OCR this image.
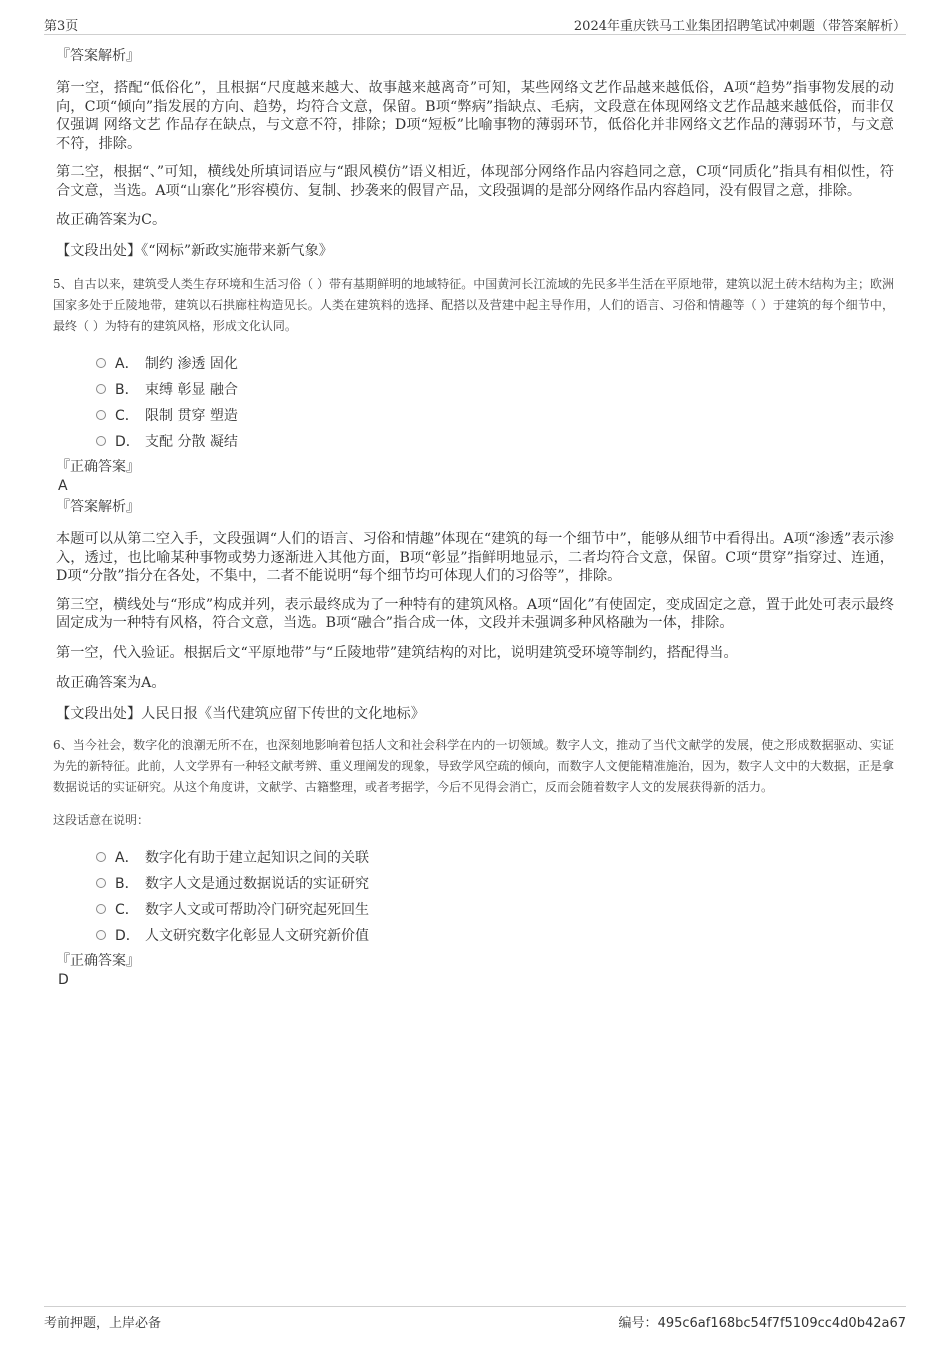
第3页	2024年重庆铁马工业集团招聘笔试冲刺题（带答案解析）

『答案解析』

第一空，搭配“低俗化”，且根据“尺度越来越大、故事越来越离奇”可知，某些网络文艺作品越来越低俗，A项“趋势”指事物发展的动向，C项“倾向”指发展的方向、趋势，均符合文意，保留。B项“弊病”指缺点、毛病，文段意在体现网络文艺作品越来越低俗，而非仅仅强调 网络文艺 作品存在缺点，与文意不符，排除；D项“短板”比喻事物的薄弱环节，低俗化并非网络文艺作品的薄弱环节，与文意不符，排除。

第二空，根据“、”可知，横线处所填词语应与“跟风模仿”语义相近，体现部分网络作品内容趋同之意，C项“同质化”指具有相似性，符合文意，当选。A项“山寨化”形容模仿、复制、抄袭来的假冒产品，文段强调的是部分网络作品内容趋同，没有假冒之意，排除。

故正确答案为C。

【文段出处】《“网标”新政实施带来新气象》

5、自古以来，建筑受人类生存环境和生活习俗（ ）带有基期鲜明的地域特征。中国黄河长江流域的先民多半生活在平原地带，建筑以泥土砖木结构为主；欧洲国家多处于丘陵地带，建筑以石拱廊柱构造见长。人类在建筑料的选择、配搭以及营建中起主导作用，人们的语言、习俗和情趣等（ ）于建筑的每个细节中，最终（ ）为特有的建筑风格，形成文化认同。

A． 制约 渗透 固化
B． 束缚 彰显 融合
C． 限制 贯穿 塑造
D． 支配 分散 凝结

『正确答案』

A

『答案解析』

本题可以从第二空入手，文段强调“人们的语言、习俗和情趣”体现在“建筑的每一个细节中”，能够从细节中看得出。A项“渗透”表示渗入，透过，也比喻某种事物或势力逐渐进入其他方面，B项“彰显”指鲜明地显示，二者均符合文意，保留。C项“贯穿”指穿过、连通，D项“分散”指分在各处，不集中，二者不能说明“每个细节均可体现人们的习俗等”，排除。

第三空，横线处与“形成”构成并列，表示最终成为了一种特有的建筑风格。A项“固化”有使固定，变成固定之意，置于此处可表示最终固定成为一种特有风格，符合文意，当选。B项“融合”指合成一体，文段并未强调多种风格融为一体，排除。

第一空，代入验证。根据后文“平原地带”与“丘陵地带”建筑结构的对比，说明建筑受环境等制约，搭配得当。

故正确答案为A。

【文段出处】人民日报《当代建筑应留下传世的文化地标》

6、当今社会，数字化的浪潮无所不在，也深刻地影响着包括人文和社会科学在内的一切领域。数字人文，推动了当代文献学的发展，使之形成数据驱动、实证为先的新特征。此前，人文学界有一种轻文献考辨、重义理阐发的现象，导致学风空疏的倾向，而数字人文便能精准施治，因为，数字人文中的大数据，正是拿数据说话的实证研究。从这个角度讲，文献学、古籍整理，或者考据学，今后不见得会消亡，反而会随着数字人文的发展获得新的活力。

这段话意在说明：

A． 数字化有助于建立起知识之间的关联
B． 数字人文是通过数据说话的实证研究
C． 数字人文或可帮助冷门研究起死回生
D． 人文研究数字化彰显人文研究新价值

『正确答案』

D

考前押题，上岸必备	编号：495c6af168bc54f7f5109cc4d0b42a67
